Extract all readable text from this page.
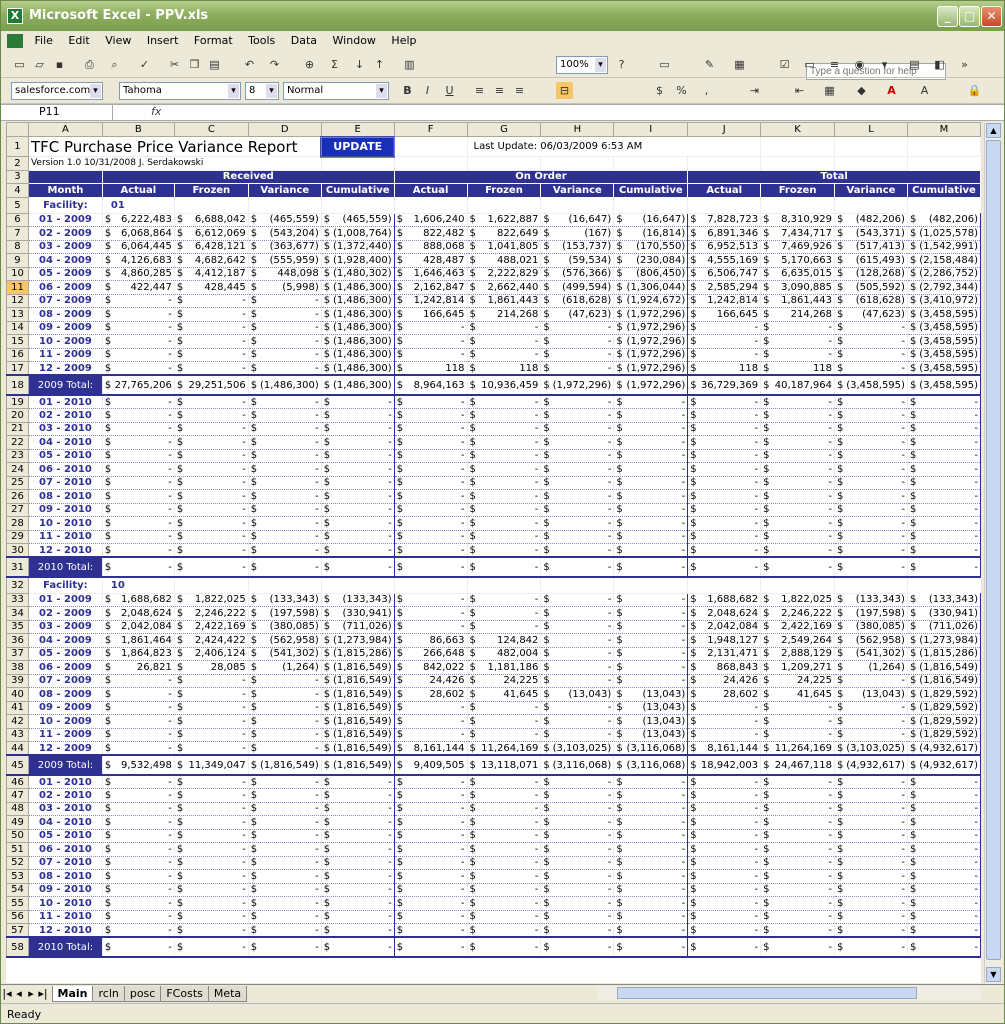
X Microsoft Excel - PPV.xls	_	□ ✕
File Edit View Insert Format Tools Data Window Help
Type a question for help
▭ ▱	▪	⎙	⌕	✓	✂ ❐ ▤	↶	↷	⊕	Σ	↓ ↑	▥	100% ▾	?	▭	✎	▦	☑	▭	≡	◉	▾	▤ ◧	»
salesforce.com ▾	Tahoma ▾	8 ▾	Normal ▾	B	I	U	≡ ≡ ≡	⊟	$	%	,	⇥	⇤	▦	◆	A	A	🔒
P11	fx
	A	B	C	D	E	F	G	H	I	J	K	L	M
1	TFC Purchase Price Variance Report				UPDATE		Last Update: 06/03/2009 6:53 AM						
2	Version 1.0 10/31/2008 J. Serdakowski												
3		Received				On Order				Total			
4	Month	Actual	Frozen	Variance	Cumulative	Actual	Frozen	Variance	Cumulative	Actual	Frozen	Variance	Cumulative
5	Facility:	01											
6	01 - 2009	$ 6,222,483	$ 6,688,042	$ (465,559)	$ (465,559)	$ 1,606,240	$ 1,622,887	$ (16,647)	$ (16,647)	$ 7,828,723	$ 8,310,929	$ (482,206)	$ (482,206)
7	02 - 2009	$ 6,068,864	$ 6,612,069	$ (543,204)	$ (1,008,764)	$ 822,482	$ 822,649	$ (167)	$ (16,814)	$ 6,891,346	$ 7,434,717	$ (543,371)	$ (1,025,578)
8	03 - 2009	$ 6,064,445	$ 6,428,121	$ (363,677)	$ (1,372,440)	$ 888,068	$ 1,041,805	$ (153,737)	$ (170,550)	$ 6,952,513	$ 7,469,926	$ (517,413)	$ (1,542,991)
9	04 - 2009	$ 4,126,683	$ 4,682,642	$ (555,959)	$ (1,928,400)	$ 428,487	$ 488,021	$ (59,534)	$ (230,084)	$ 4,555,169	$ 5,170,663	$ (615,493)	$ (2,158,484)
10	05 - 2009	$ 4,860,285	$ 4,412,187	$ 448,098	$ (1,480,302)	$ 1,646,463	$ 2,222,829	$ (576,366)	$ (806,450)	$ 6,506,747	$ 6,635,015	$ (128,268)	$ (2,286,752)
11	06 - 2009	$ 422,447	$ 428,445	$ (5,998)	$ (1,486,300)	$ 2,162,847	$ 2,662,440	$ (499,594)	$ (1,306,044)	$ 2,585,294	$ 3,090,885	$ (505,592)	$ (2,792,344)
12	07 - 2009	$ -	$ -	$ -	$ (1,486,300)	$ 1,242,814	$ 1,861,443	$ (618,628)	$ (1,924,672)	$ 1,242,814	$ 1,861,443	$ (618,628)	$ (3,410,972)
13	08 - 2009	$ -	$ -	$ -	$ (1,486,300)	$ 166,645	$ 214,268	$ (47,623)	$ (1,972,296)	$ 166,645	$ 214,268	$ (47,623)	$ (3,458,595)
14	09 - 2009	$ -	$ -	$ -	$ (1,486,300)	$ -	$ -	$ -	$ (1,972,296)	$ -	$ -	$ -	$ (3,458,595)
15	10 - 2009	$ -	$ -	$ -	$ (1,486,300)	$ -	$ -	$ -	$ (1,972,296)	$ -	$ -	$ -	$ (3,458,595)
16	11 - 2009	$ -	$ -	$ -	$ (1,486,300)	$ -	$ -	$ -	$ (1,972,296)	$ -	$ -	$ -	$ (3,458,595)
17	12 - 2009	$ -	$ -	$ -	$ (1,486,300)	$ 118	$ 118	$ -	$ (1,972,296)	$ 118	$ 118	$ -	$ (3,458,595)
18	2009 Total:	$ 27,765,206	$ 29,251,506	$ (1,486,300)	$ (1,486,300)	$ 8,964,163	$ 10,936,459	$ (1,972,296)	$ (1,972,296)	$ 36,729,369	$ 40,187,964	$ (3,458,595)	$ (3,458,595)
19	01 - 2010	$ -	$ -	$ -	$ -	$ -	$ -	$ -	$ -	$ -	$ -	$ -	$ -
20	02 - 2010	$ -	$ -	$ -	$ -	$ -	$ -	$ -	$ -	$ -	$ -	$ -	$ -
21	03 - 2010	$ -	$ -	$ -	$ -	$ -	$ -	$ -	$ -	$ -	$ -	$ -	$ -
22	04 - 2010	$ -	$ -	$ -	$ -	$ -	$ -	$ -	$ -	$ -	$ -	$ -	$ -
23	05 - 2010	$ -	$ -	$ -	$ -	$ -	$ -	$ -	$ -	$ -	$ -	$ -	$ -
24	06 - 2010	$ -	$ -	$ -	$ -	$ -	$ -	$ -	$ -	$ -	$ -	$ -	$ -
25	07 - 2010	$ -	$ -	$ -	$ -	$ -	$ -	$ -	$ -	$ -	$ -	$ -	$ -
26	08 - 2010	$ -	$ -	$ -	$ -	$ -	$ -	$ -	$ -	$ -	$ -	$ -	$ -
27	09 - 2010	$ -	$ -	$ -	$ -	$ -	$ -	$ -	$ -	$ -	$ -	$ -	$ -
28	10 - 2010	$ -	$ -	$ -	$ -	$ -	$ -	$ -	$ -	$ -	$ -	$ -	$ -
29	11 - 2010	$ -	$ -	$ -	$ -	$ -	$ -	$ -	$ -	$ -	$ -	$ -	$ -
30	12 - 2010	$ -	$ -	$ -	$ -	$ -	$ -	$ -	$ -	$ -	$ -	$ -	$ -
31	2010 Total:	$ -	$ -	$ -	$ -	$ -	$ -	$ -	$ -	$ -	$ -	$ -	$ -
32	Facility:	10											
33	01 - 2009	$ 1,688,682	$ 1,822,025	$ (133,343)	$ (133,343)	$ -	$ -	$ -	$ -	$ 1,688,682	$ 1,822,025	$ (133,343)	$ (133,343)
34	02 - 2009	$ 2,048,624	$ 2,246,222	$ (197,598)	$ (330,941)	$ -	$ -	$ -	$ -	$ 2,048,624	$ 2,246,222	$ (197,598)	$ (330,941)
35	03 - 2009	$ 2,042,084	$ 2,422,169	$ (380,085)	$ (711,026)	$ -	$ -	$ -	$ -	$ 2,042,084	$ 2,422,169	$ (380,085)	$ (711,026)
36	04 - 2009	$ 1,861,464	$ 2,424,422	$ (562,958)	$ (1,273,984)	$ 86,663	$ 124,842	$ -	$ -	$ 1,948,127	$ 2,549,264	$ (562,958)	$ (1,273,984)
37	05 - 2009	$ 1,864,823	$ 2,406,124	$ (541,302)	$ (1,815,286)	$ 266,648	$ 482,004	$ -	$ -	$ 2,131,471	$ 2,888,129	$ (541,302)	$ (1,815,286)
38	06 - 2009	$ 26,821	$ 28,085	$ (1,264)	$ (1,816,549)	$ 842,022	$ 1,181,186	$ -	$ -	$ 868,843	$ 1,209,271	$ (1,264)	$ (1,816,549)
39	07 - 2009	$ -	$ -	$ -	$ (1,816,549)	$ 24,426	$ 24,225	$ -	$ -	$ 24,426	$ 24,225	$ -	$ (1,816,549)
40	08 - 2009	$ -	$ -	$ -	$ (1,816,549)	$ 28,602	$ 41,645	$ (13,043)	$ (13,043)	$ 28,602	$ 41,645	$ (13,043)	$ (1,829,592)
41	09 - 2009	$ -	$ -	$ -	$ (1,816,549)	$ -	$ -	$ -	$ (13,043)	$ -	$ -	$ -	$ (1,829,592)
42	10 - 2009	$ -	$ -	$ -	$ (1,816,549)	$ -	$ -	$ -	$ (13,043)	$ -	$ -	$ -	$ (1,829,592)
43	11 - 2009	$ -	$ -	$ -	$ (1,816,549)	$ -	$ -	$ -	$ (13,043)	$ -	$ -	$ -	$ (1,829,592)
44	12 - 2009	$ -	$ -	$ -	$ (1,816,549)	$ 8,161,144	$ 11,264,169	$ (3,103,025)	$ (3,116,068)	$ 8,161,144	$ 11,264,169	$ (3,103,025)	$ (4,932,617)
45	2009 Total:	$ 9,532,498	$ 11,349,047	$ (1,816,549)	$ (1,816,549)	$ 9,409,505	$ 13,118,071	$ (3,116,068)	$ (3,116,068)	$ 18,942,003	$ 24,467,118	$ (4,932,617)	$ (4,932,617)
46	01 - 2010	$ -	$ -	$ -	$ -	$ -	$ -	$ -	$ -	$ -	$ -	$ -	$ -
47	02 - 2010	$ -	$ -	$ -	$ -	$ -	$ -	$ -	$ -	$ -	$ -	$ -	$ -
48	03 - 2010	$ -	$ -	$ -	$ -	$ -	$ -	$ -	$ -	$ -	$ -	$ -	$ -
49	04 - 2010	$ -	$ -	$ -	$ -	$ -	$ -	$ -	$ -	$ -	$ -	$ -	$ -
50	05 - 2010	$ -	$ -	$ -	$ -	$ -	$ -	$ -	$ -	$ -	$ -	$ -	$ -
51	06 - 2010	$ -	$ -	$ -	$ -	$ -	$ -	$ -	$ -	$ -	$ -	$ -	$ -
52	07 - 2010	$ -	$ -	$ -	$ -	$ -	$ -	$ -	$ -	$ -	$ -	$ -	$ -
53	08 - 2010	$ -	$ -	$ -	$ -	$ -	$ -	$ -	$ -	$ -	$ -	$ -	$ -
54	09 - 2010	$ -	$ -	$ -	$ -	$ -	$ -	$ -	$ -	$ -	$ -	$ -	$ -
55	10 - 2010	$ -	$ -	$ -	$ -	$ -	$ -	$ -	$ -	$ -	$ -	$ -	$ -
56	11 - 2010	$ -	$ -	$ -	$ -	$ -	$ -	$ -	$ -	$ -	$ -	$ -	$ -
57	12 - 2010	$ -	$ -	$ -	$ -	$ -	$ -	$ -	$ -	$ -	$ -	$ -	$ -
58	2010 Total:	$ -	$ -	$ -	$ -	$ -	$ -	$ -	$ -	$ -	$ -	$ -	$ -
▲
▼
|◂ ◂ ▸ ▸| Main rcln posc FCosts Meta
Ready
